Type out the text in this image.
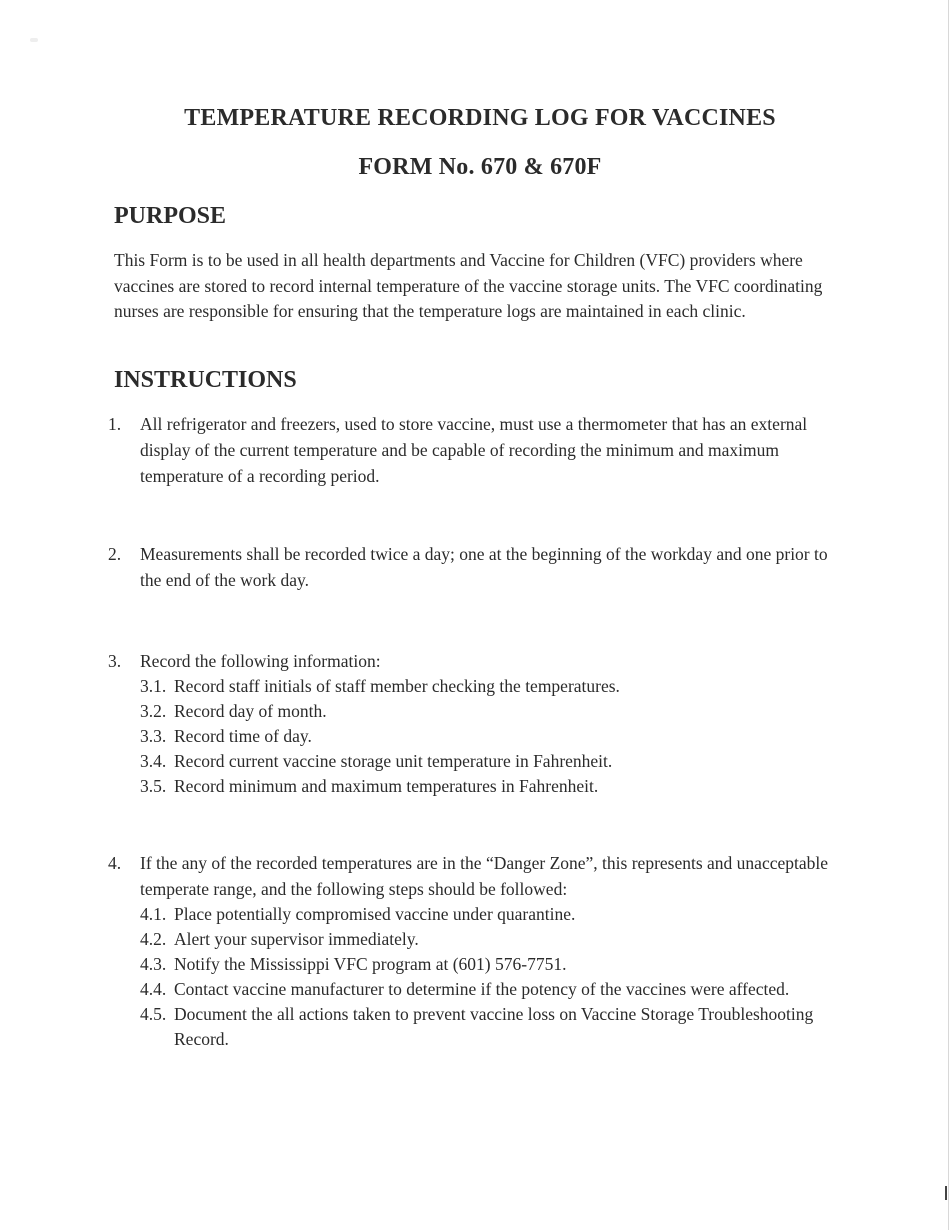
TEMPERATURE RECORDING LOG FOR VACCINES
FORM No. 670 & 670F
PURPOSE
This Form is to be used in all health departments and Vaccine for Children (VFC) providers where vaccines are stored to record internal temperature of the vaccine storage units. The VFC coordinating nurses are responsible for ensuring that the temperature logs are maintained in each clinic.
INSTRUCTIONS
1. All refrigerator and freezers, used to store vaccine, must use a thermometer that has an external display of the current temperature and be capable of recording the minimum and maximum temperature of a recording period.
2. Measurements shall be recorded twice a day; one at the beginning of the workday and one prior to the end of the work day.
3. Record the following information:
3.1. Record staff initials of staff member checking the temperatures.
3.2. Record day of month.
3.3. Record time of day.
3.4. Record current vaccine storage unit temperature in Fahrenheit.
3.5. Record minimum and maximum temperatures in Fahrenheit.
4. If the any of the recorded temperatures are in the “Danger Zone”, this represents and unacceptable temperate range, and the following steps should be followed:
4.1. Place potentially compromised vaccine under quarantine.
4.2. Alert your supervisor immediately.
4.3. Notify the Mississippi VFC program at (601) 576-7751.
4.4. Contact vaccine manufacturer to determine if the potency of the vaccines were affected.
4.5. Document the all actions taken to prevent vaccine loss on Vaccine Storage Troubleshooting Record.
